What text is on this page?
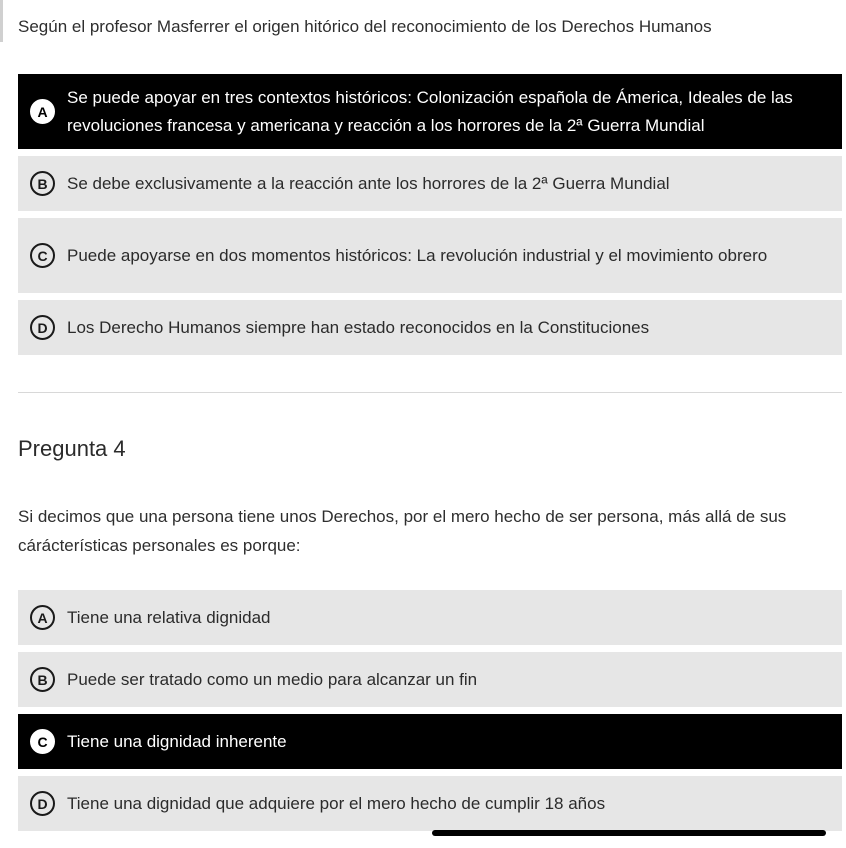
Según el profesor Masferrer el origen hitórico del reconocimiento de los Derechos Humanos

A
Se puede apoyar en tres contextos históricos: Colonización española de Ámerica, Ideales de las revoluciones francesa y americana y reacción a los horrores de la 2ª Guerra Mundial
B	Se debe exclusivamente a la reacción ante los horrores de la 2ª Guerra Mundial
C	Puede apoyarse en dos momentos históricos: La revolución industrial y el movimiento obrero
D	Los Derecho Humanos siempre han estado reconocidos en la Constituciones
Pregunta 4

Si decimos que una persona tiene unos Derechos, por el mero hecho de ser persona, más allá de sus cárácterísticas personales es porque:

A	Tiene una relativa dignidad
B	Puede ser tratado como un medio para alcanzar un fin
C	Tiene una dignidad inherente
D	Tiene una dignidad que adquiere por el mero hecho de cumplir 18 años
